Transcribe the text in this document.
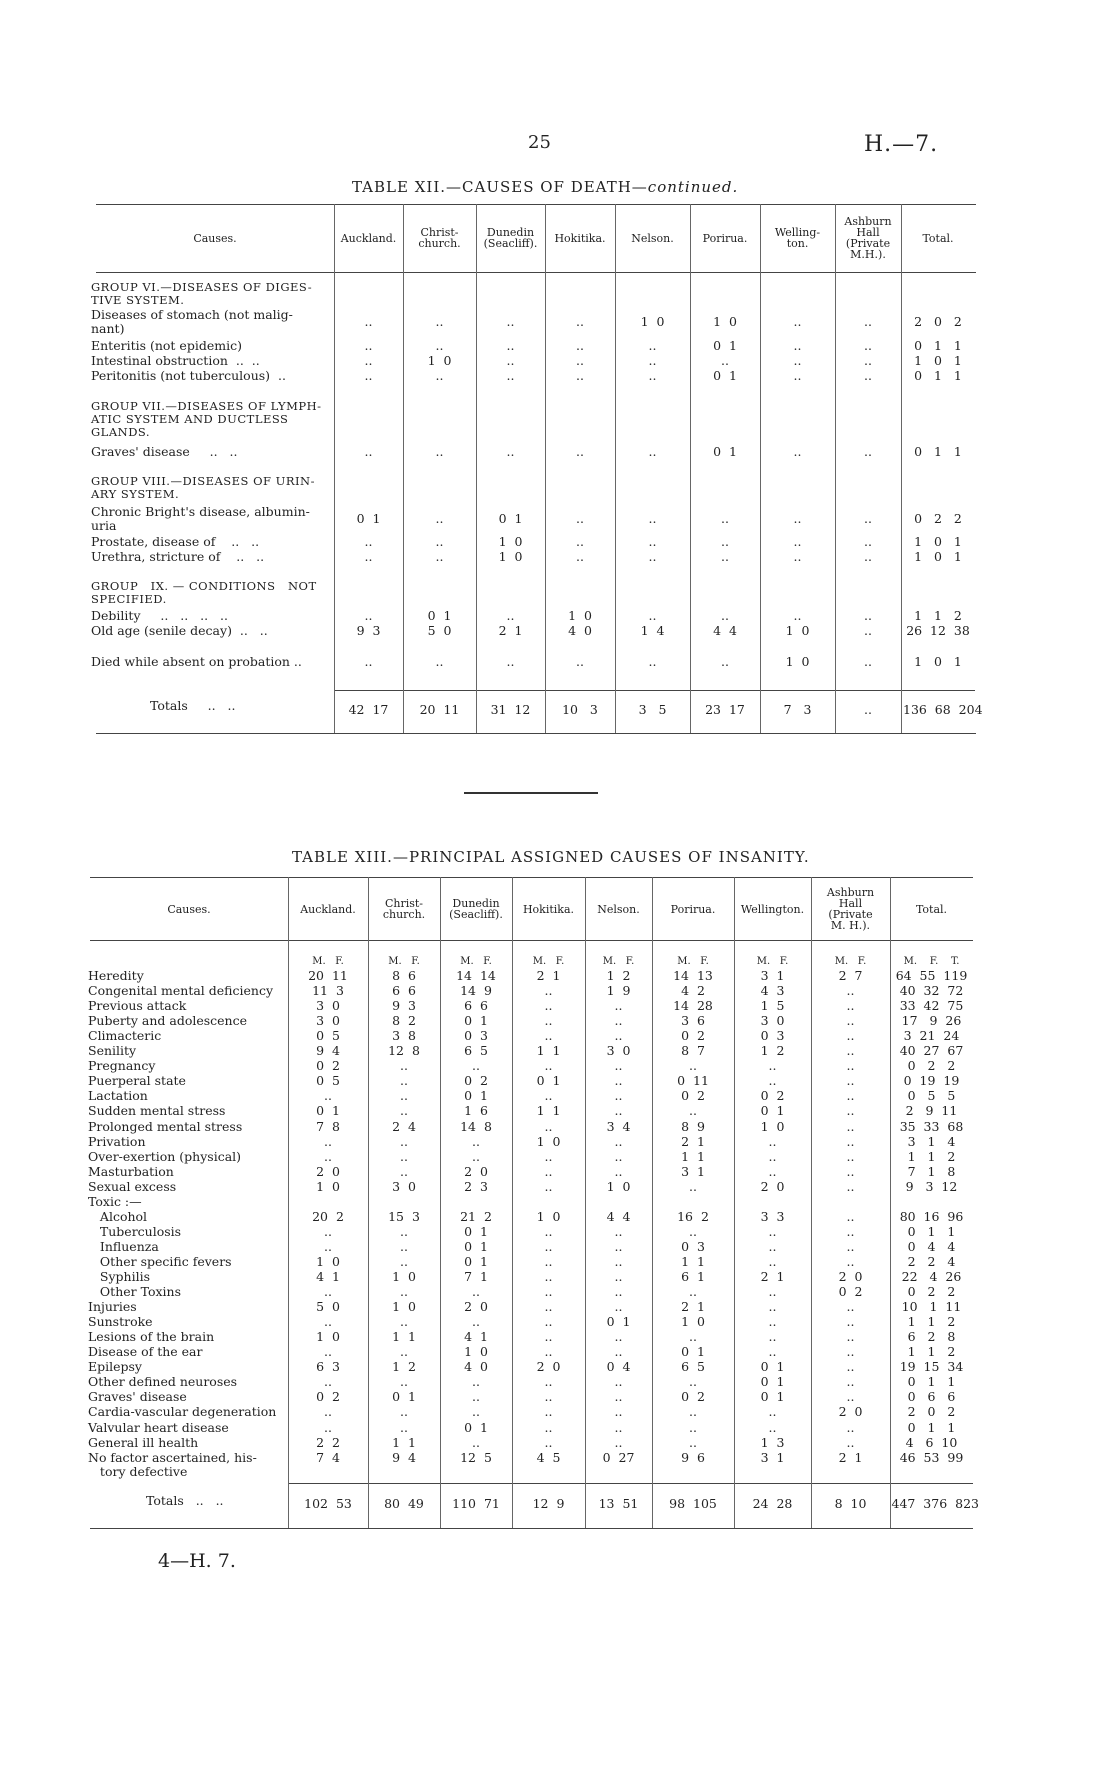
25	H.—7.
TABLE XII.—CAUSES OF DEATH—continued.
Causes.	Auckland.	Christ-
church.
Dunedin
(Seacliff).	Hokitika.	Nelson.	Porirua.	Welling-
ton.
Ashburn
Hall
(Private
M.H.).
Total.
GROUP VI.—DISEASES OF DIGES-
TIVE SYSTEM.
GROUP VII.—DISEASES OF LYMPH-
ATIC SYSTEM AND DUCTLESS
GLANDS.
GROUP VIII.—DISEASES OF URIN-
ARY SYSTEM.
GROUP   IX. — CONDITIONS   NOT
SPECIFIED.
Diseases of stomach (not malig-
nant)	..	..	..	..	1  0	1  0	..	..	2   0   2
Enteritis (not epidemic)	..	..	..	..	..	0  1	..	..	0   1   1
Intestinal obstruction  ..  ..	..	1  0	..	..	..	..	..	..	1   0   1
Peritonitis (not tuberculous)  ..	..	..	..	..	..	0  1	..	..	0   1   1
Graves' disease     ..   ..	..	..	..	..	..	0  1	..	..	0   1   1
Chronic Bright's disease, albumin-
uria	0  1	..	0  1	..	..	..	..	..	0   2   2
Prostate, disease of    ..   ..	..	..	1  0	..	..	..	..	..	1   0   1
Urethra, stricture of    ..   ..	..	..	1  0	..	..	..	..	..	1   0   1
Debility     ..   ..   ..   ..	..	0  1	..	1  0	..	..	..	..	1   1   2
Old age (senile decay)  ..   ..	9  3	5  0	2  1	4  0	1  4	4  4	1  0	..	26  12  38
Died while absent on probation ..	..	..	..	..	..	..	1  0	..	1   0   1
Totals     ..   ..	42  17	20  11	31  12	10   3	3   5	23  17	7   3	..	136  68  204
TABLE XIII.—PRINCIPAL ASSIGNED CAUSES OF INSANITY.
Causes.	Auckland.	Christ-
church.
Dunedin
(Seacliff).	Hokitika.	Nelson.	Porirua.	Wellington.
Ashburn
Hall
(Private
M. H.).
Total.
M.   F.	M.   F.	M.   F.	M.   F.	M.   F.	M.   F.	M.   F.	M.   F.	M.    F.    T.
Heredity	20  11	8  6	14  14	2  1	1  2	14  13	3  1	2  7	64  55  119
Congenital mental deficiency	11  3	6  6	14  9	..	1  9	4  2	4  3	..	40  32  72
Previous attack	3  0	9  3	6  6	..	..	14  28	1  5	..	33  42  75
Puberty and adolescence	3  0	8  2	0  1	..	..	3  6	3  0	..	17   9  26
Climacteric	0  5	3  8	0  3	..	..	0  2	0  3	..	3  21  24
Senility	9  4	12  8	6  5	1  1	3  0	8  7	1  2	..	40  27  67
Pregnancy	0  2	..	..	..	..	..	..	..	0   2   2
Puerperal state	0  5	..	0  2	0  1	..	0  11	..	..	0  19  19
Lactation	..	..	0  1	..	..	0  2	0  2	..	0   5   5
Sudden mental stress	0  1	..	1  6	1  1	..	..	0  1	..	2   9  11
Prolonged mental stress	7  8	2  4	14  8	..	3  4	8  9	1  0	..	35  33  68
Privation	..	..	..	1  0	..	2  1	..	..	3   1   4
Over-exertion (physical)	..	..	..	..	..	1  1	..	..	1   1   2
Masturbation	2  0	..	2  0	..	..	3  1	..	..	7   1   8
Sexual excess	1  0	3  0	2  3	..	1  0	..	2  0	..	9   3  12
Toxic :—
Alcohol	20  2	15  3	21  2	1  0	4  4	16  2	3  3	..	80  16  96
Tuberculosis	..	..	0  1	..	..	..	..	..	0   1   1
Influenza	..	..	0  1	..	..	0  3	..	..	0   4   4
Other specific fevers	1  0	..	0  1	..	..	1  1	..	..	2   2   4
Syphilis	4  1	1  0	7  1	..	..	6  1	2  1	2  0	22   4  26
Other Toxins	..	..	..	..	..	..	..	0  2	0   2   2
Injuries	5  0	1  0	2  0	..	..	2  1	..	..	10   1  11
Sunstroke	..	..	..	..	0  1	1  0	..	..	1   1   2
Lesions of the brain	1  0	1  1	4  1	..	..	..	..	..	6   2   8
Disease of the ear	..	..	1  0	..	..	0  1	..	..	1   1   2
Epilepsy	6  3	1  2	4  0	2  0	0  4	6  5	0  1	..	19  15  34
Other defined neuroses	..	..	..	..	..	..	0  1	..	0   1   1
Graves' disease	0  2	0  1	..	..	..	0  2	0  1	..	0   6   6
Cardia-vascular degeneration	..	..	..	..	..	..	..	2  0	2   0   2
Valvular heart disease	..	..	0  1	..	..	..	..	..	0   1   1
General ill health	2  2	1  1	..	..	..	..	1  3	..	4   6  10
No factor ascertained, his-
tory defective
7  4	9  4	12  5	4  5	0  27	9  6	3  1	2  1	46  53  99
Totals   ..   ..	102  53	80  49	110  71	12  9	13  51	98  105	24  28	8  10	447  376  823
4—H. 7.
